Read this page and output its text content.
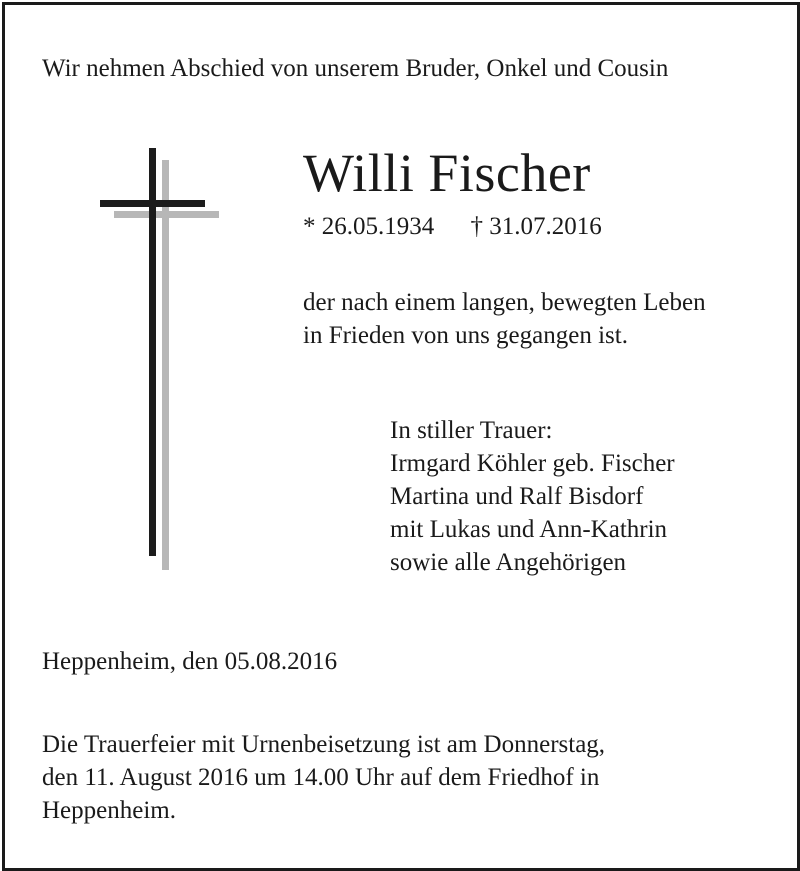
Wir nehmen Abschied von unserem Bruder, Onkel und Cousin
Willi Fischer
* 26.05.1934 † 31.07.2016
der nach einem langen, bewegten Leben
in Frieden von uns gegangen ist.
In stiller Trauer:
Irmgard Köhler geb. Fischer
Martina und Ralf Bisdorf
mit Lukas und Ann-Kathrin
sowie alle Angehörigen
Heppenheim, den 05.08.2016
Die Trauerfeier mit Urnenbeisetzung ist am Donnerstag,
den 11. August 2016 um 14.00 Uhr auf dem Friedhof in
Heppenheim.
